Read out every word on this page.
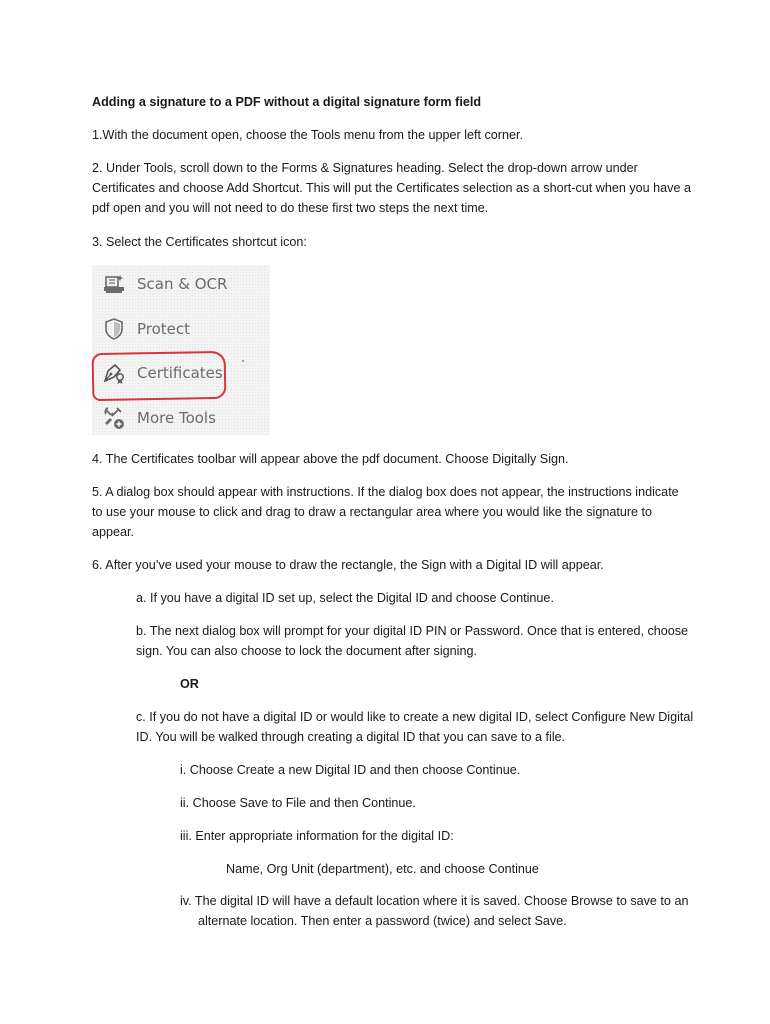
Adding a signature to a PDF without a digital signature form field

1.With the document open, choose the Tools menu from the upper left corner.

2. Under Tools, scroll down to the Forms & Signatures heading. Select the drop-down arrow under Certificates and choose Add Shortcut. This will put the Certificates selection as a short-cut when you have a pdf open and you will not need to do these first two steps the next time.

3. Select the Certificates shortcut icon:

Scan & OCR
Protect
Certificates
More Tools

4. The Certificates toolbar will appear above the pdf document. Choose Digitally Sign.

5. A dialog box should appear with instructions. If the dialog box does not appear, the instructions indicate to use your mouse to click and drag to draw a rectangular area where you would like the signature to appear.

6. After you’ve used your mouse to draw the rectangle, the Sign with a Digital ID will appear.

a. If you have a digital ID set up, select the Digital ID and choose Continue.

b. The next dialog box will prompt for your digital ID PIN or Password. Once that is entered, choose sign. You can also choose to lock the document after signing.

OR

c. If you do not have a digital ID or would like to create a new digital ID, select Configure New Digital ID. You will be walked through creating a digital ID that you can save to a file.

i. Choose Create a new Digital ID and then choose Continue.

ii. Choose Save to File and then Continue.

iii. Enter appropriate information for the digital ID:

Name, Org Unit (department), etc. and choose Continue

iv. The digital ID will have a default location where it is saved. Choose Browse to save to an alternate location. Then enter a password (twice) and select Save.
